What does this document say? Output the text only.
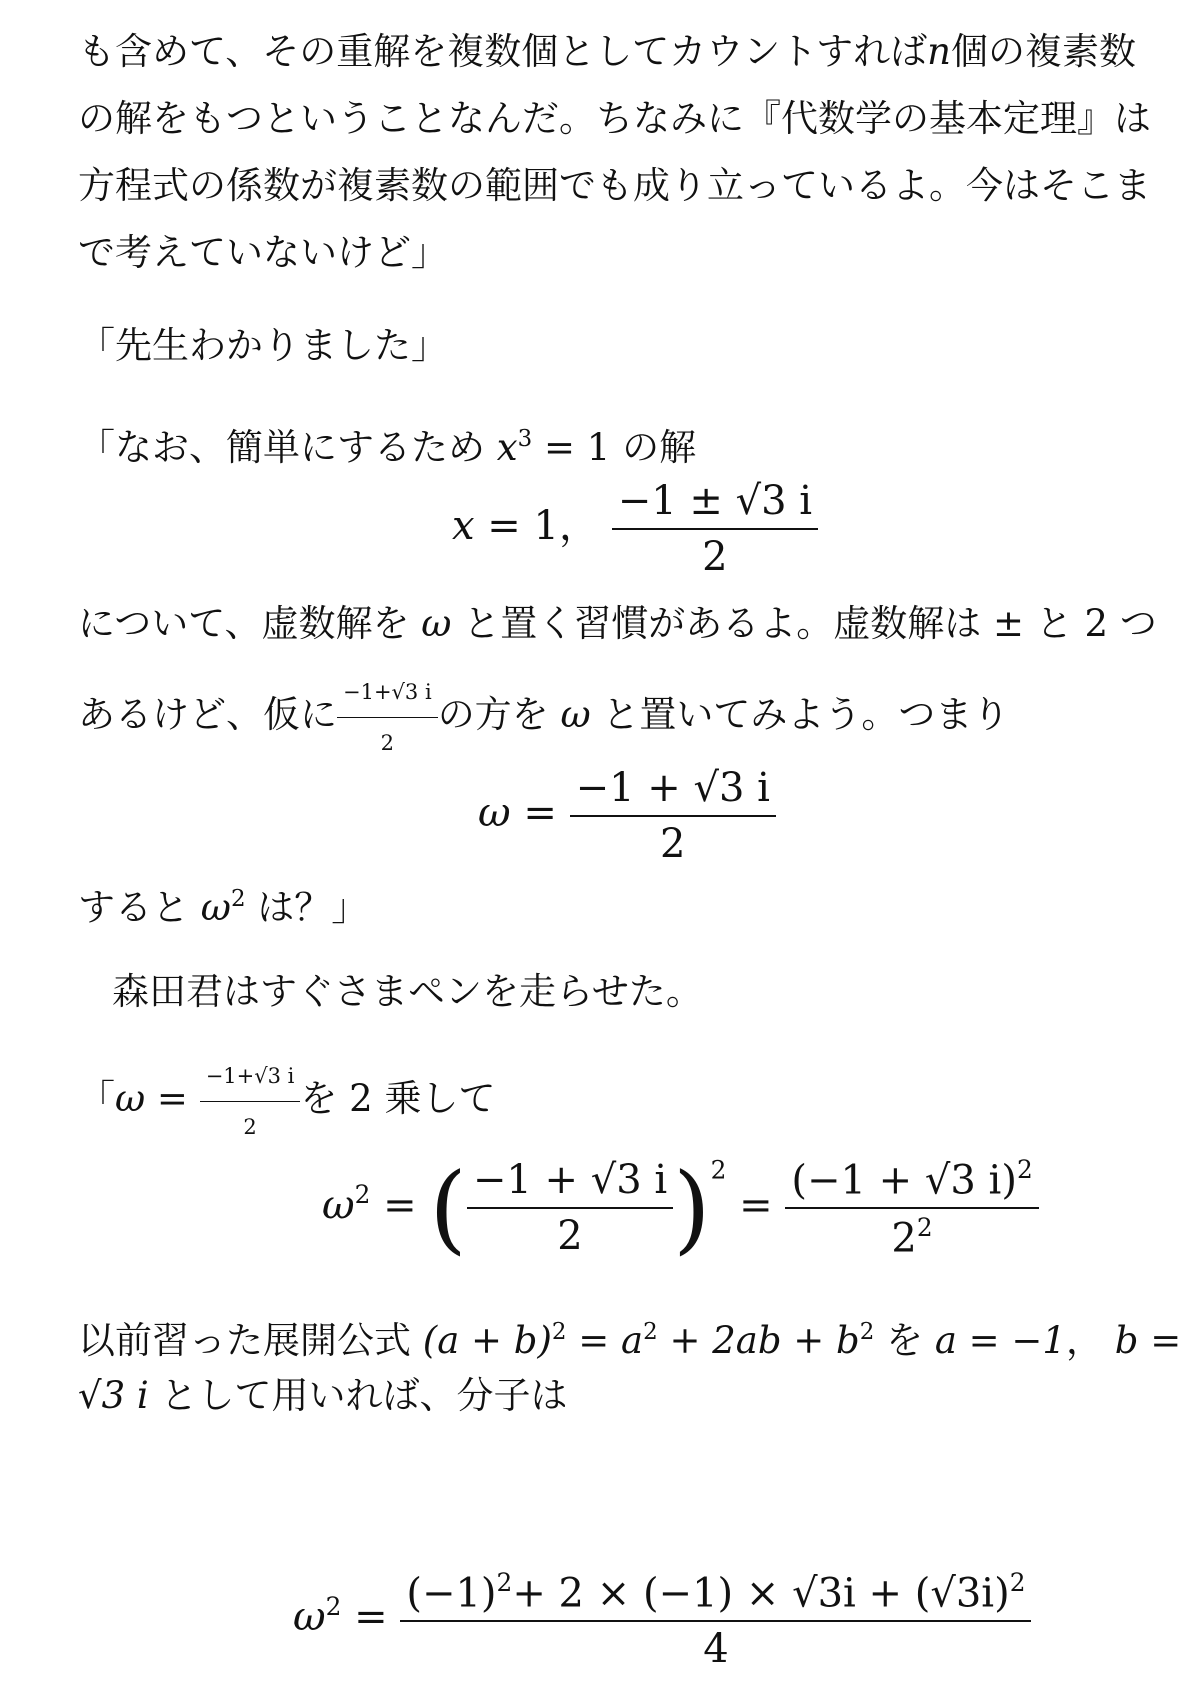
も含めて、その重解を複数個としてカウントすればn個の複素数
の解をもつということなんだ。ちなみに『代数学の基本定理』は
方程式の係数が複素数の範囲でも成り立っているよ。今はそこま
で考えていないけど」
「先生わかりました」
「なお、簡単にするため $x^3 = 1$ の解
x = 1， $\frac{-1 \pm √3 i}{2}$
について、虚数解を ω と置く習慣があるよ。虚数解は ± と 2 つ
あるけど、仮に $\frac{-1+√3 i}{2}$ の方を ω と置いてみよう。つまり
$\omega = \frac{-1 + √3 i}{2}$
すると $\omega^2$ は？」
森田君はすぐさまペンを走らせた。
「$\omega = \frac{-1+√3 i}{2}$ を 2 乗して
$\omega^2$ = ( $\frac{-1 + √3 i}{2} )^2 = \frac{(-1 + √3 i)^2}{2^2}$
以前習った展開公式 $(a + b)^2 = a^2 + 2ab + b^2$ を a = −1， b =
√3 i として用いれば、分子は
$\omega^2 = \frac{(-1)^2+ 2 \times (-1) \times √3i + (√3i)^2}{4}$
